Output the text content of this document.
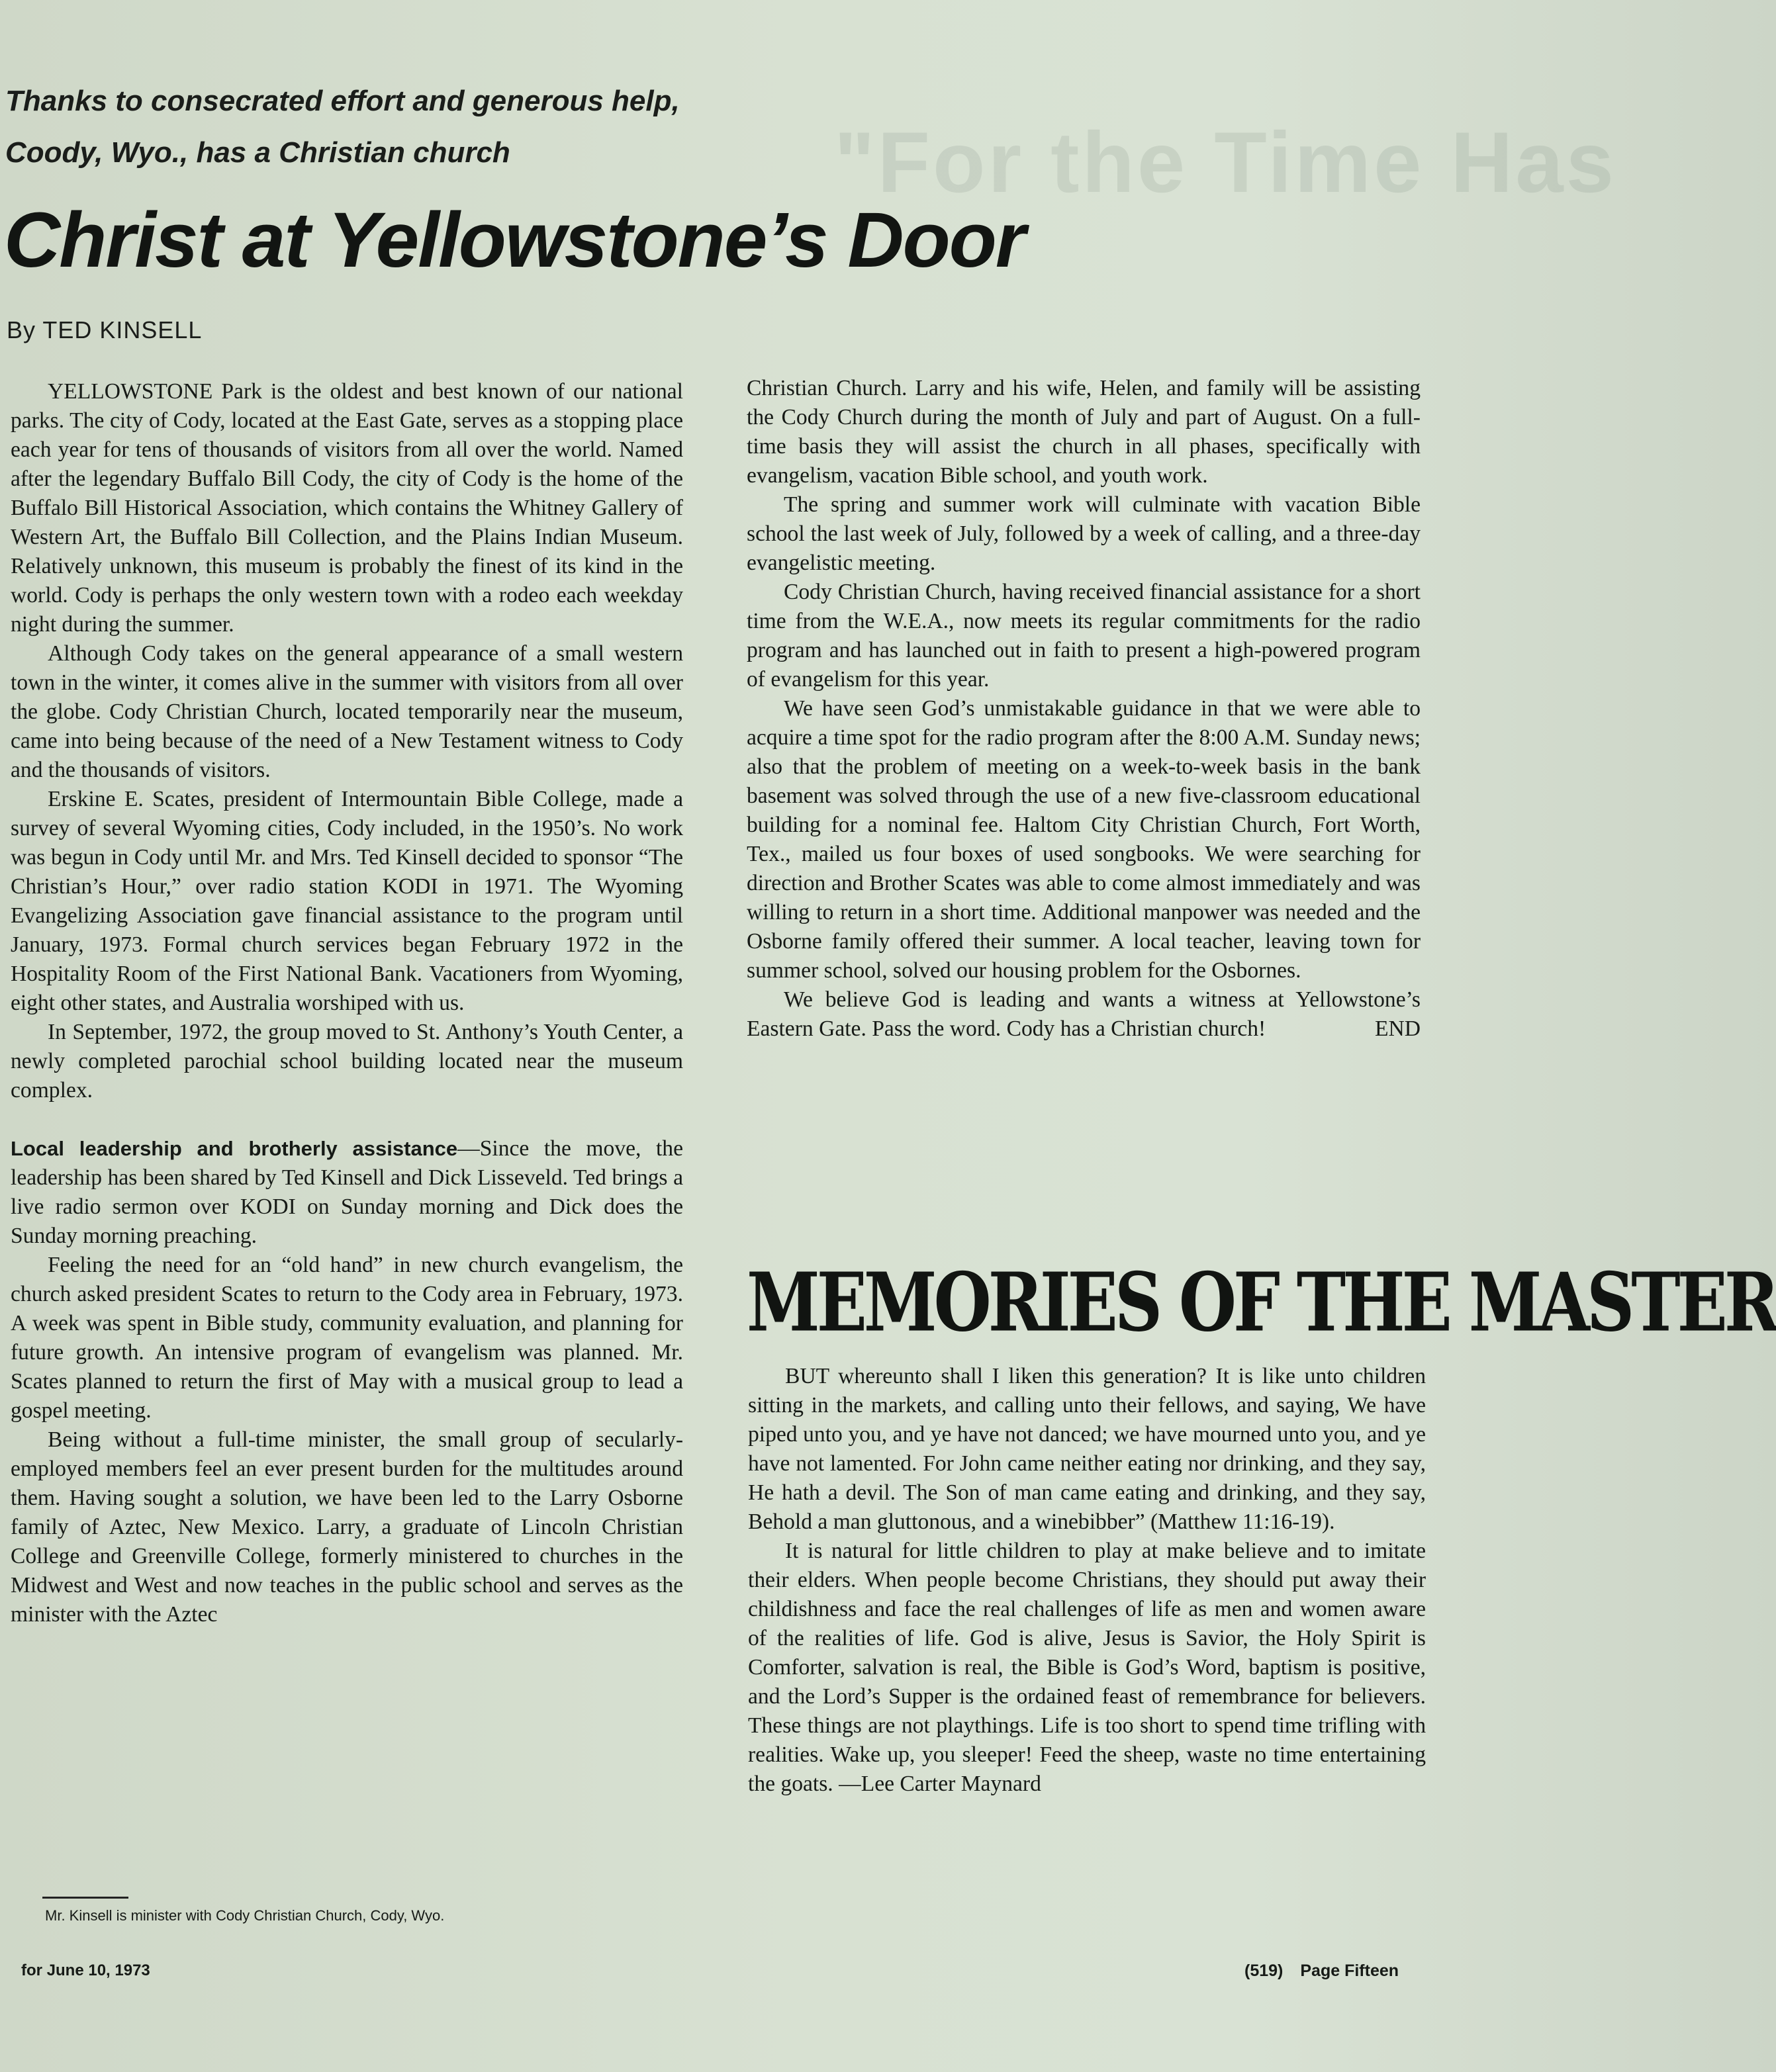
"For the Time Has
Thanks to consecrated effort and generous help,
Coody, Wyo., has a Christian church
Christ at Yellowstone’s Door
By TED KINSELL

YELLOWSTONE Park is the oldest and best known of our national parks. The city of Cody, located at the East Gate, serves as a stopping place each year for tens of thousands of visitors from all over the world. Named after the legendary Buffalo Bill Cody, the city of Cody is the home of the Buffalo Bill Historical Association, which contains the Whitney Gallery of Western Art, the Buffalo Bill Collection, and the Plains Indian Museum. Relatively unknown, this museum is probably the finest of its kind in the world. Cody is perhaps the only western town with a rodeo each weekday night during the summer.

Although Cody takes on the general appearance of a small western town in the winter, it comes alive in the summer with visitors from all over the globe. Cody Christian Church, located temporarily near the museum, came into being because of the need of a New Testament witness to Cody and the thousands of visitors.

Erskine E. Scates, president of Intermountain Bible College, made a survey of several Wyoming cities, Cody included, in the 1950’s. No work was begun in Cody until Mr. and Mrs. Ted Kinsell decided to sponsor “The Christian’s Hour,” over radio station KODI in 1971. The Wyoming Evangelizing Association gave financial assistance to the program until January, 1973. Formal church services began February 1972 in the Hospitality Room of the First National Bank. Vacationers from Wyoming, eight other states, and Australia worshiped with us.

In September, 1972, the group moved to St. Anthony’s Youth Center, a newly completed parochial school building located near the museum complex.

Local leadership and brotherly assistance—Since the move, the leadership has been shared by Ted Kinsell and Dick Lisseveld. Ted brings a live radio sermon over KODI on Sunday morning and Dick does the Sunday morning preaching.

Feeling the need for an “old hand” in new church evangelism, the church asked president Scates to return to the Cody area in February, 1973. A week was spent in Bible study, community evaluation, and planning for future growth. An intensive program of evangelism was planned. Mr. Scates planned to return the first of May with a musical group to lead a gospel meeting.

Being without a full-time minister, the small group of secularly-employed members feel an ever present burden for the multitudes around them. Having sought a solution, we have been led to the Larry Osborne family of Aztec, New Mexico. Larry, a graduate of Lincoln Christian College and Greenville College, formerly ministered to churches in the Midwest and West and now teaches in the public school and serves as the minister with the Aztec

Christian Church. Larry and his wife, Helen, and family will be assisting the Cody Church during the month of July and part of August. On a full-time basis they will assist the church in all phases, specifically with evangelism, vacation Bible school, and youth work.

The spring and summer work will culminate with vacation Bible school the last week of July, followed by a week of calling, and a three-day evangelistic meeting.

Cody Christian Church, having received financial assistance for a short time from the W.E.A., now meets its regular commitments for the radio program and has launched out in faith to present a high-powered program of evangelism for this year.

We have seen God’s unmistakable guidance in that we were able to acquire a time spot for the radio program after the 8:00 A.M. Sunday news; also that the problem of meeting on a week-to-week basis in the bank basement was solved through the use of a new five-classroom educational building for a nominal fee. Haltom City Christian Church, Fort Worth, Tex., mailed us four boxes of used songbooks. We were searching for direction and Brother Scates was able to come almost immediately and was willing to return in a short time. Additional manpower was needed and the Osborne family offered their summer. A local teacher, leaving town for summer school, solved our housing problem for the Osbornes.

We believe God is leading and wants a witness at Yellowstone’s Eastern Gate. Pass the word. Cody has a Christian church!	END

MEMORIES OF THE MASTER

BUT whereunto shall I liken this generation? It is like unto children sitting in the markets, and calling unto their fellows, and saying, We have piped unto you, and ye have not danced; we have mourned unto you, and ye have not lamented. For John came neither eating nor drinking, and they say, He hath a devil. The Son of man came eating and drinking, and they say, Behold a man gluttonous, and a winebibber” (Matthew 11:16-19).

It is natural for little children to play at make believe and to imitate their elders. When people become Christians, they should put away their childishness and face the real challenges of life as men and women aware of the realities of life. God is alive, Jesus is Savior, the Holy Spirit is Comforter, salvation is real, the Bible is God’s Word, baptism is positive, and the Lord’s Supper is the ordained feast of remembrance for believers. These things are not playthings. Life is too short to spend time trifling with realities. Wake up, you sleeper! Feed the sheep, waste no time entertaining the goats. —Lee Carter Maynard

Mr. Kinsell is minister with Cody Christian Church, Cody, Wyo.
for June 10, 1973	(519) Page Fifteen
